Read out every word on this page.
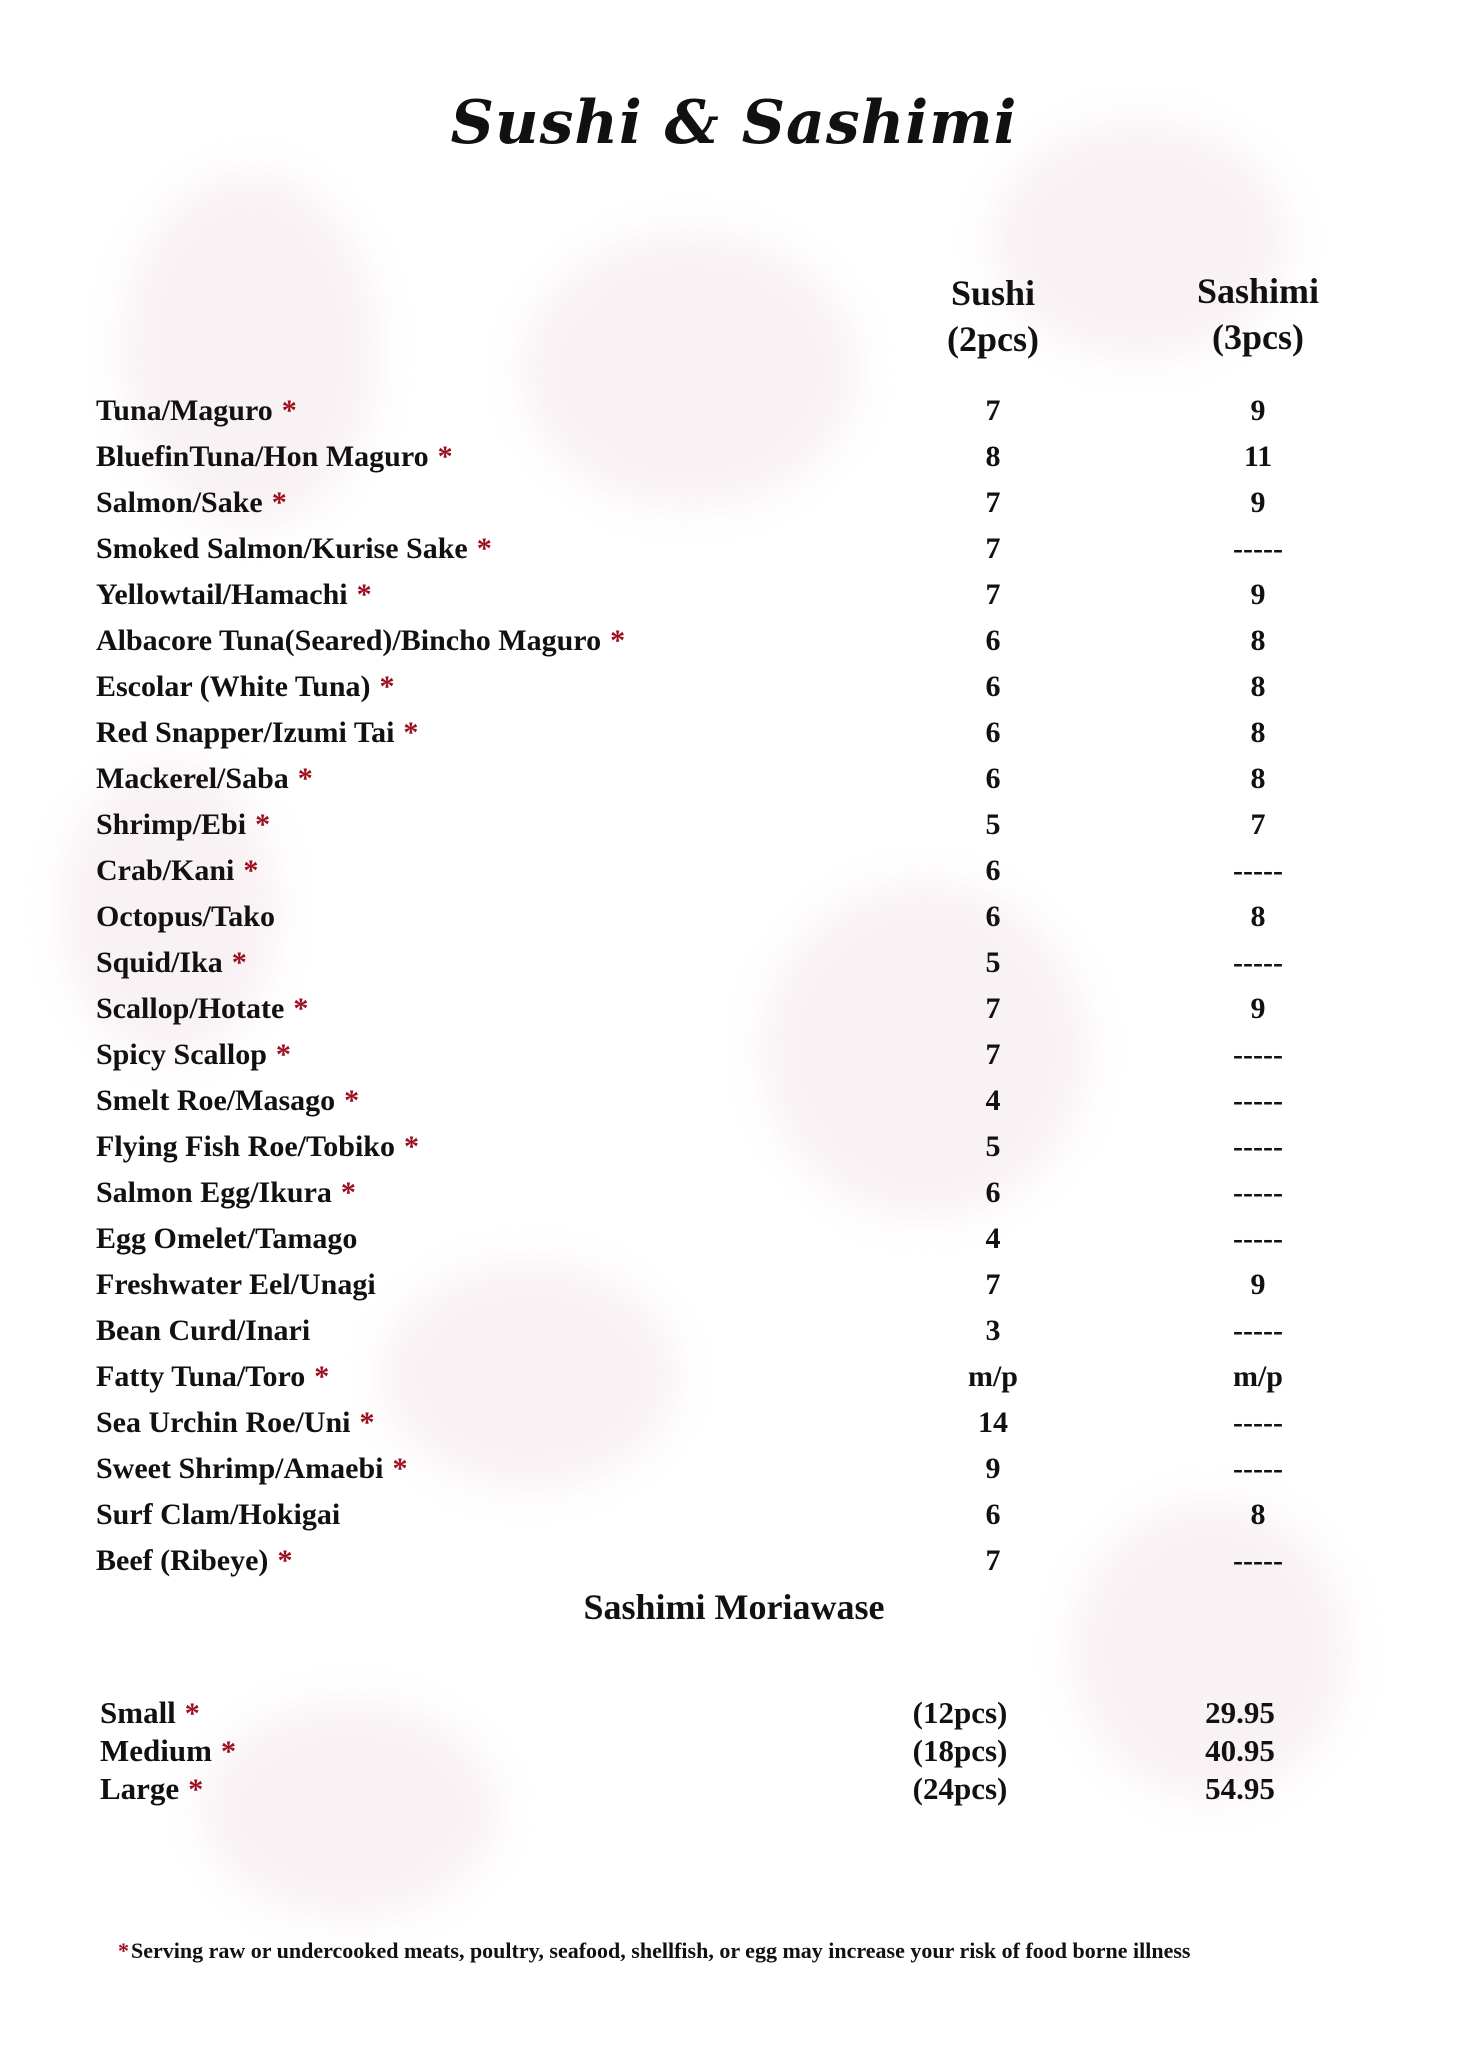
Sushi & Sashimi
Sushi
(2pcs)
Sashimi
(3pcs)
Tuna/Maguro *	7	9
BluefinTuna/Hon Maguro *	8	11
Salmon/Sake *	7	9
Smoked Salmon/Kurise Sake *	7	-----
Yellowtail/Hamachi *	7	9
Albacore Tuna(Seared)/Bincho Maguro *	6	8
Escolar (White Tuna) *	6	8
Red Snapper/Izumi Tai *	6	8
Mackerel/Saba *	6	8
Shrimp/Ebi *	5	7
Crab/Kani *	6	-----
Octopus/Tako	6	8
Squid/Ika *	5	-----
Scallop/Hotate *	7	9
Spicy Scallop *	7	-----
Smelt Roe/Masago *	4	-----
Flying Fish Roe/Tobiko *	5	-----
Salmon Egg/Ikura *	6	-----
Egg Omelet/Tamago	4	-----
Freshwater Eel/Unagi	7	9
Bean Curd/Inari	3	-----
Fatty Tuna/Toro *	m/p	m/p
Sea Urchin Roe/Uni *	14	-----
Sweet Shrimp/Amaebi *	9	-----
Surf Clam/Hokigai	6	8
Beef (Ribeye) *	7	-----
Sashimi Moriawase
Small *	(12pcs)	29.95
Medium *	(18pcs)	40.95
Large *	(24pcs)	54.95
*Serving raw or undercooked meats, poultry, seafood, shellfish, or egg may increase your risk of food borne illness
